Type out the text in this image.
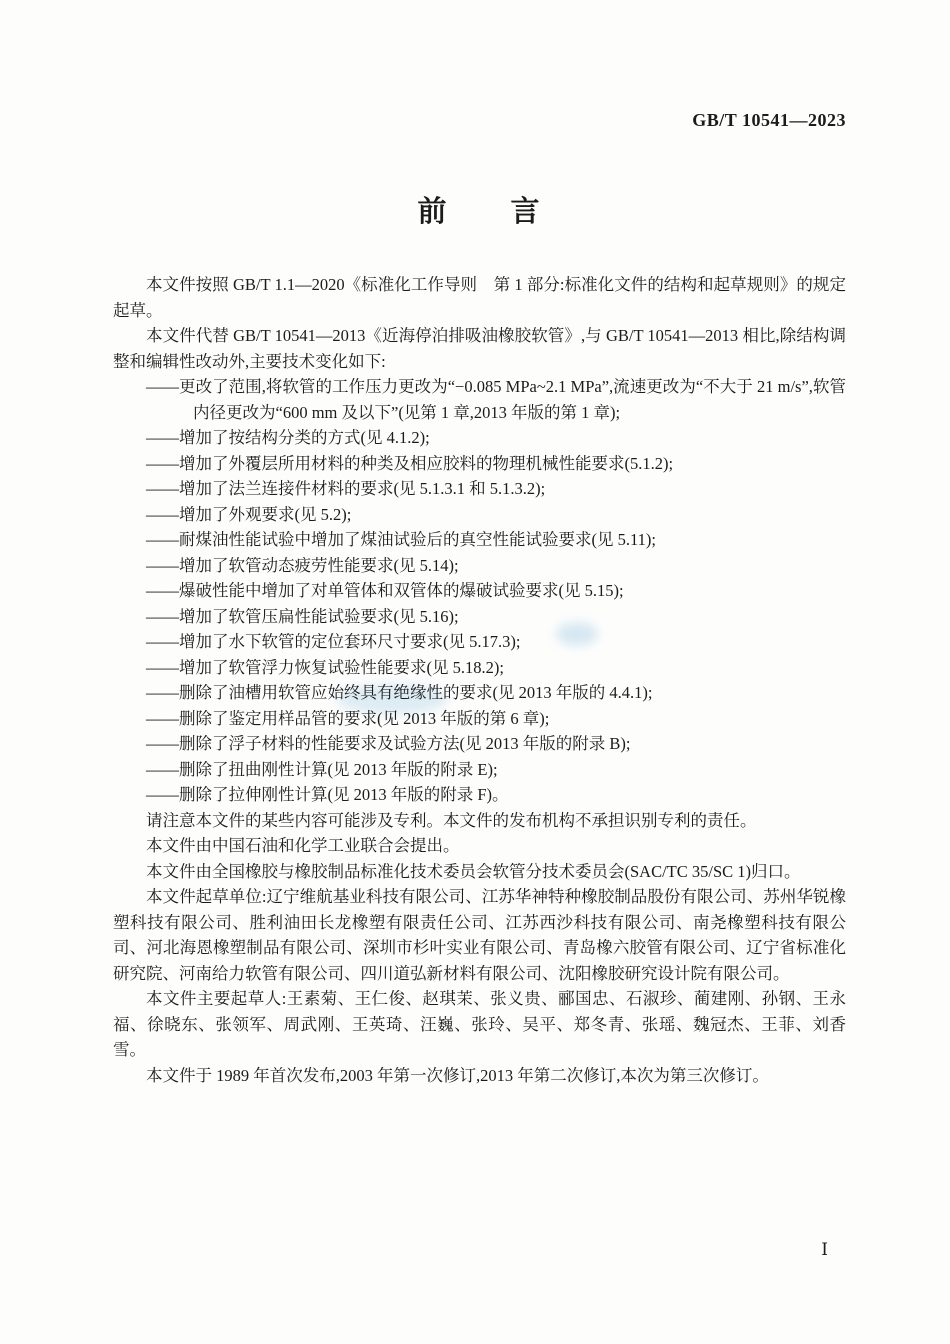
GB/T 10541—2023
前　　言

本文件按照 GB/T 1.1—2020《标准化工作导则　第 1 部分:标准化文件的结构和起草规则》的规定起草。

本文件代替 GB/T 10541—2013《近海停泊排吸油橡胶软管》,与 GB/T 10541—2013 相比,除结构调整和编辑性改动外,主要技术变化如下:

——更改了范围,将软管的工作压力更改为“−0.085 MPa~2.1 MPa”,流速更改为“不大于 21 m/s”,软管内径更改为“600 mm 及以下”(见第 1 章,2013 年版的第 1 章);

——增加了按结构分类的方式(见 4.1.2);

——增加了外覆层所用材料的种类及相应胶料的物理机械性能要求(5.1.2);

——增加了法兰连接件材料的要求(见 5.1.3.1 和 5.1.3.2);

——增加了外观要求(见 5.2);

——耐煤油性能试验中增加了煤油试验后的真空性能试验要求(见 5.11);

——增加了软管动态疲劳性能要求(见 5.14);

——爆破性能中增加了对单管体和双管体的爆破试验要求(见 5.15);

——增加了软管压扁性能试验要求(见 5.16);

——增加了水下软管的定位套环尺寸要求(见 5.17.3);

——增加了软管浮力恢复试验性能要求(见 5.18.2);

——删除了油槽用软管应始终具有绝缘性的要求(见 2013 年版的 4.4.1);

——删除了鉴定用样品管的要求(见 2013 年版的第 6 章);

——删除了浮子材料的性能要求及试验方法(见 2013 年版的附录 B);

——删除了扭曲刚性计算(见 2013 年版的附录 E);

——删除了拉伸刚性计算(见 2013 年版的附录 F)。

请注意本文件的某些内容可能涉及专利。本文件的发布机构不承担识别专利的责任。

本文件由中国石油和化学工业联合会提出。

本文件由全国橡胶与橡胶制品标准化技术委员会软管分技术委员会(SAC/TC 35/SC 1)归口。

本文件起草单位:辽宁维航基业科技有限公司、江苏华神特种橡胶制品股份有限公司、苏州华锐橡塑科技有限公司、胜利油田长龙橡塑有限责任公司、江苏西沙科技有限公司、南尧橡塑科技有限公司、河北海恩橡塑制品有限公司、深圳市杉叶实业有限公司、青岛橡六胶管有限公司、辽宁省标准化研究院、河南给力软管有限公司、四川道弘新材料有限公司、沈阳橡胶研究设计院有限公司。

本文件主要起草人:王素菊、王仁俊、赵琪茉、张义贵、郦国忠、石淑珍、蔺建刚、孙钢、王永福、徐晓东、张领军、周武刚、王英琦、汪巍、张玲、吴平、郑冬青、张瑶、魏冠杰、王菲、刘香雪。

本文件于 1989 年首次发布,2003 年第一次修订,2013 年第二次修订,本次为第三次修订。

Ⅰ
